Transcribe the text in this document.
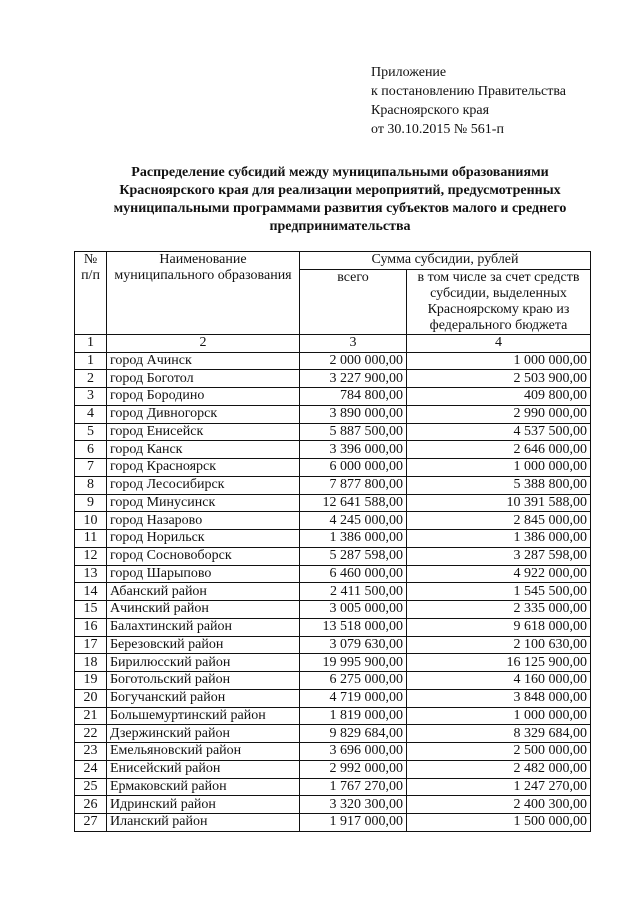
Приложение
к постановлению Правительства
Красноярского края
от 30.10.2015 № 561-п
Распределение субсидий между муниципальными образованиями
Красноярского края для реализации мероприятий, предусмотренных
муниципальными программами развития субъектов малого и среднего
предпринимательства
№ п/п	Наименование муниципального образования	Сумма субсидии, рублей	
		всего	в том числе за счет средств субсидии, выделенных Красноярскому краю из федерального бюджета
1	2	3	4
1	город Ачинск	2 000 000,00	1 000 000,00
2	город Боготол	3 227 900,00	2 503 900,00
3	город Бородино	784 800,00	409 800,00
4	город Дивногорск	3 890 000,00	2 990 000,00
5	город Енисейск	5 887 500,00	4 537 500,00
6	город Канск	3 396 000,00	2 646 000,00
7	город Красноярск	6 000 000,00	1 000 000,00
8	город Лесосибирск	7 877 800,00	5 388 800,00
9	город Минусинск	12 641 588,00	10 391 588,00
10	город Назарово	4 245 000,00	2 845 000,00
11	город Норильск	1 386 000,00	1 386 000,00
12	город Сосновоборск	5 287 598,00	3 287 598,00
13	город Шарыпово	6 460 000,00	4 922 000,00
14	Абанский район	2 411 500,00	1 545 500,00
15	Ачинский район	3 005 000,00	2 335 000,00
16	Балахтинский район	13 518 000,00	9 618 000,00
17	Березовский район	3 079 630,00	2 100 630,00
18	Бирилюсский район	19 995 900,00	16 125 900,00
19	Боготольский район	6 275 000,00	4 160 000,00
20	Богучанский район	4 719 000,00	3 848 000,00
21	Большемуртинский район	1 819 000,00	1 000 000,00
22	Дзержинский район	9 829 684,00	8 329 684,00
23	Емельяновский район	3 696 000,00	2 500 000,00
24	Енисейский район	2 992 000,00	2 482 000,00
25	Ермаковский район	1 767 270,00	1 247 270,00
26	Идринский район	3 320 300,00	2 400 300,00
27	Иланский район	1 917 000,00	1 500 000,00
